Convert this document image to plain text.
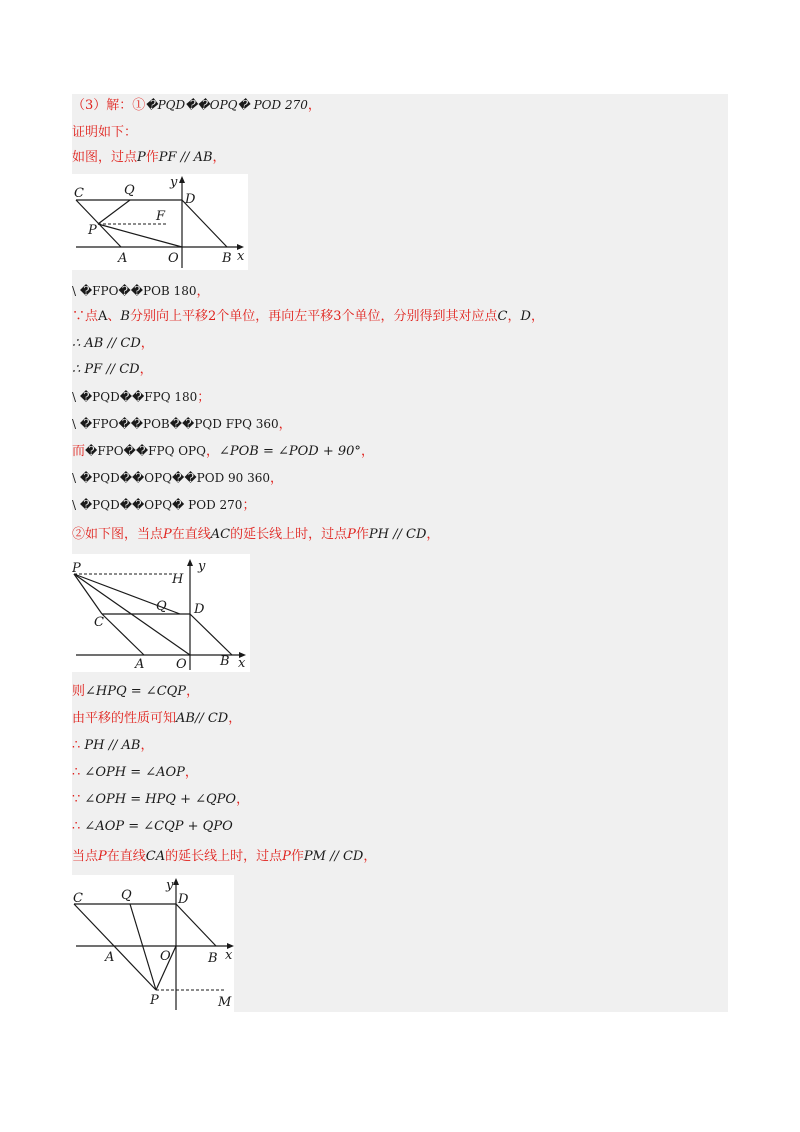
（3）解：①�PQD��OPQ� POD 270，
证明如下：
如图，过点P作PF // AB，
C	Q
y
D
F
P
A	O	B x
\ �FPO��POB 180，
∵点A、B分别向上平移2个单位，再向左平移3个单位，分别得到其对应点C，D，
∴ AB // CD，
∴ PF // CD，
\ �PQD��FPQ 180；
\ �FPO��POB��PQD FPQ 360，
而�FPO��FPQ OPQ，∠POB = ∠POD + 90°，
\ �PQD��OPQ��POD 90 360，
\ �PQD��OPQ� POD 270；
②如下图，当点P在直线AC的延长线上时，过点P作PH // CD，
P	y
H
Q D
C
A O	B x
则∠HPQ = ∠CQP，
由平移的性质可知AB// CD，
∴ PH // AB，
∴ ∠OPH = ∠AOP，
∵ ∠OPH = HPQ + ∠QPO，
∴ ∠AOP = ∠CQP + QPO
当点P在直线CA的延长线上时，过点P作PM // CD，
C	Q
y
D
A	O	B x
P	M
